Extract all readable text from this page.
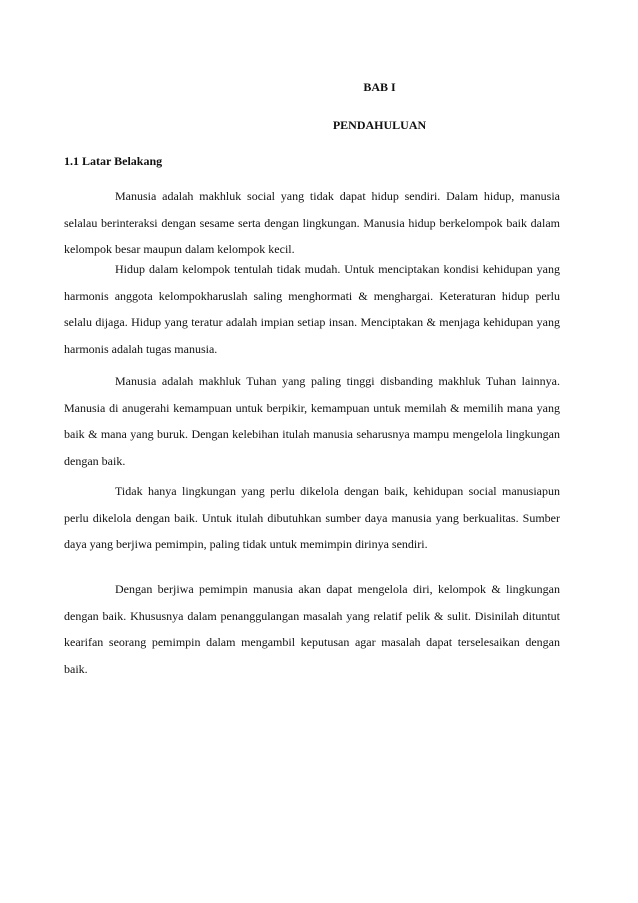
BAB I
PENDAHULUAN

1.1 Latar Belakang

Manusia adalah makhluk social yang tidak dapat hidup sendiri. Dalam hidup, manusia selalau berinteraksi dengan sesame serta dengan lingkungan. Manusia hidup berkelompok baik dalam kelompok besar maupun dalam kelompok kecil.

Hidup dalam kelompok tentulah tidak mudah. Untuk menciptakan kondisi kehidupan yang harmonis anggota kelompokharuslah saling menghormati & menghargai. Keteraturan hidup perlu selalu dijaga. Hidup yang teratur adalah impian setiap insan. Menciptakan & menjaga kehidupan yang harmonis adalah tugas manusia.

Manusia adalah makhluk Tuhan yang paling tinggi disbanding makhluk Tuhan lainnya. Manusia di anugerahi kemampuan untuk berpikir, kemampuan untuk memilah & memilih mana yang baik & mana yang buruk. Dengan kelebihan itulah manusia seharusnya mampu mengelola lingkungan dengan baik.

Tidak hanya lingkungan yang perlu dikelola dengan baik, kehidupan social manusiapun perlu dikelola dengan baik. Untuk itulah dibutuhkan sumber daya manusia yang berkualitas. Sumber daya yang berjiwa pemimpin, paling tidak untuk memimpin dirinya sendiri.

Dengan berjiwa pemimpin manusia akan dapat mengelola diri, kelompok & lingkungan dengan baik. Khususnya dalam penanggulangan masalah yang relatif pelik & sulit. Disinilah dituntut kearifan seorang pemimpin dalam mengambil keputusan agar masalah dapat terselesaikan dengan baik.
